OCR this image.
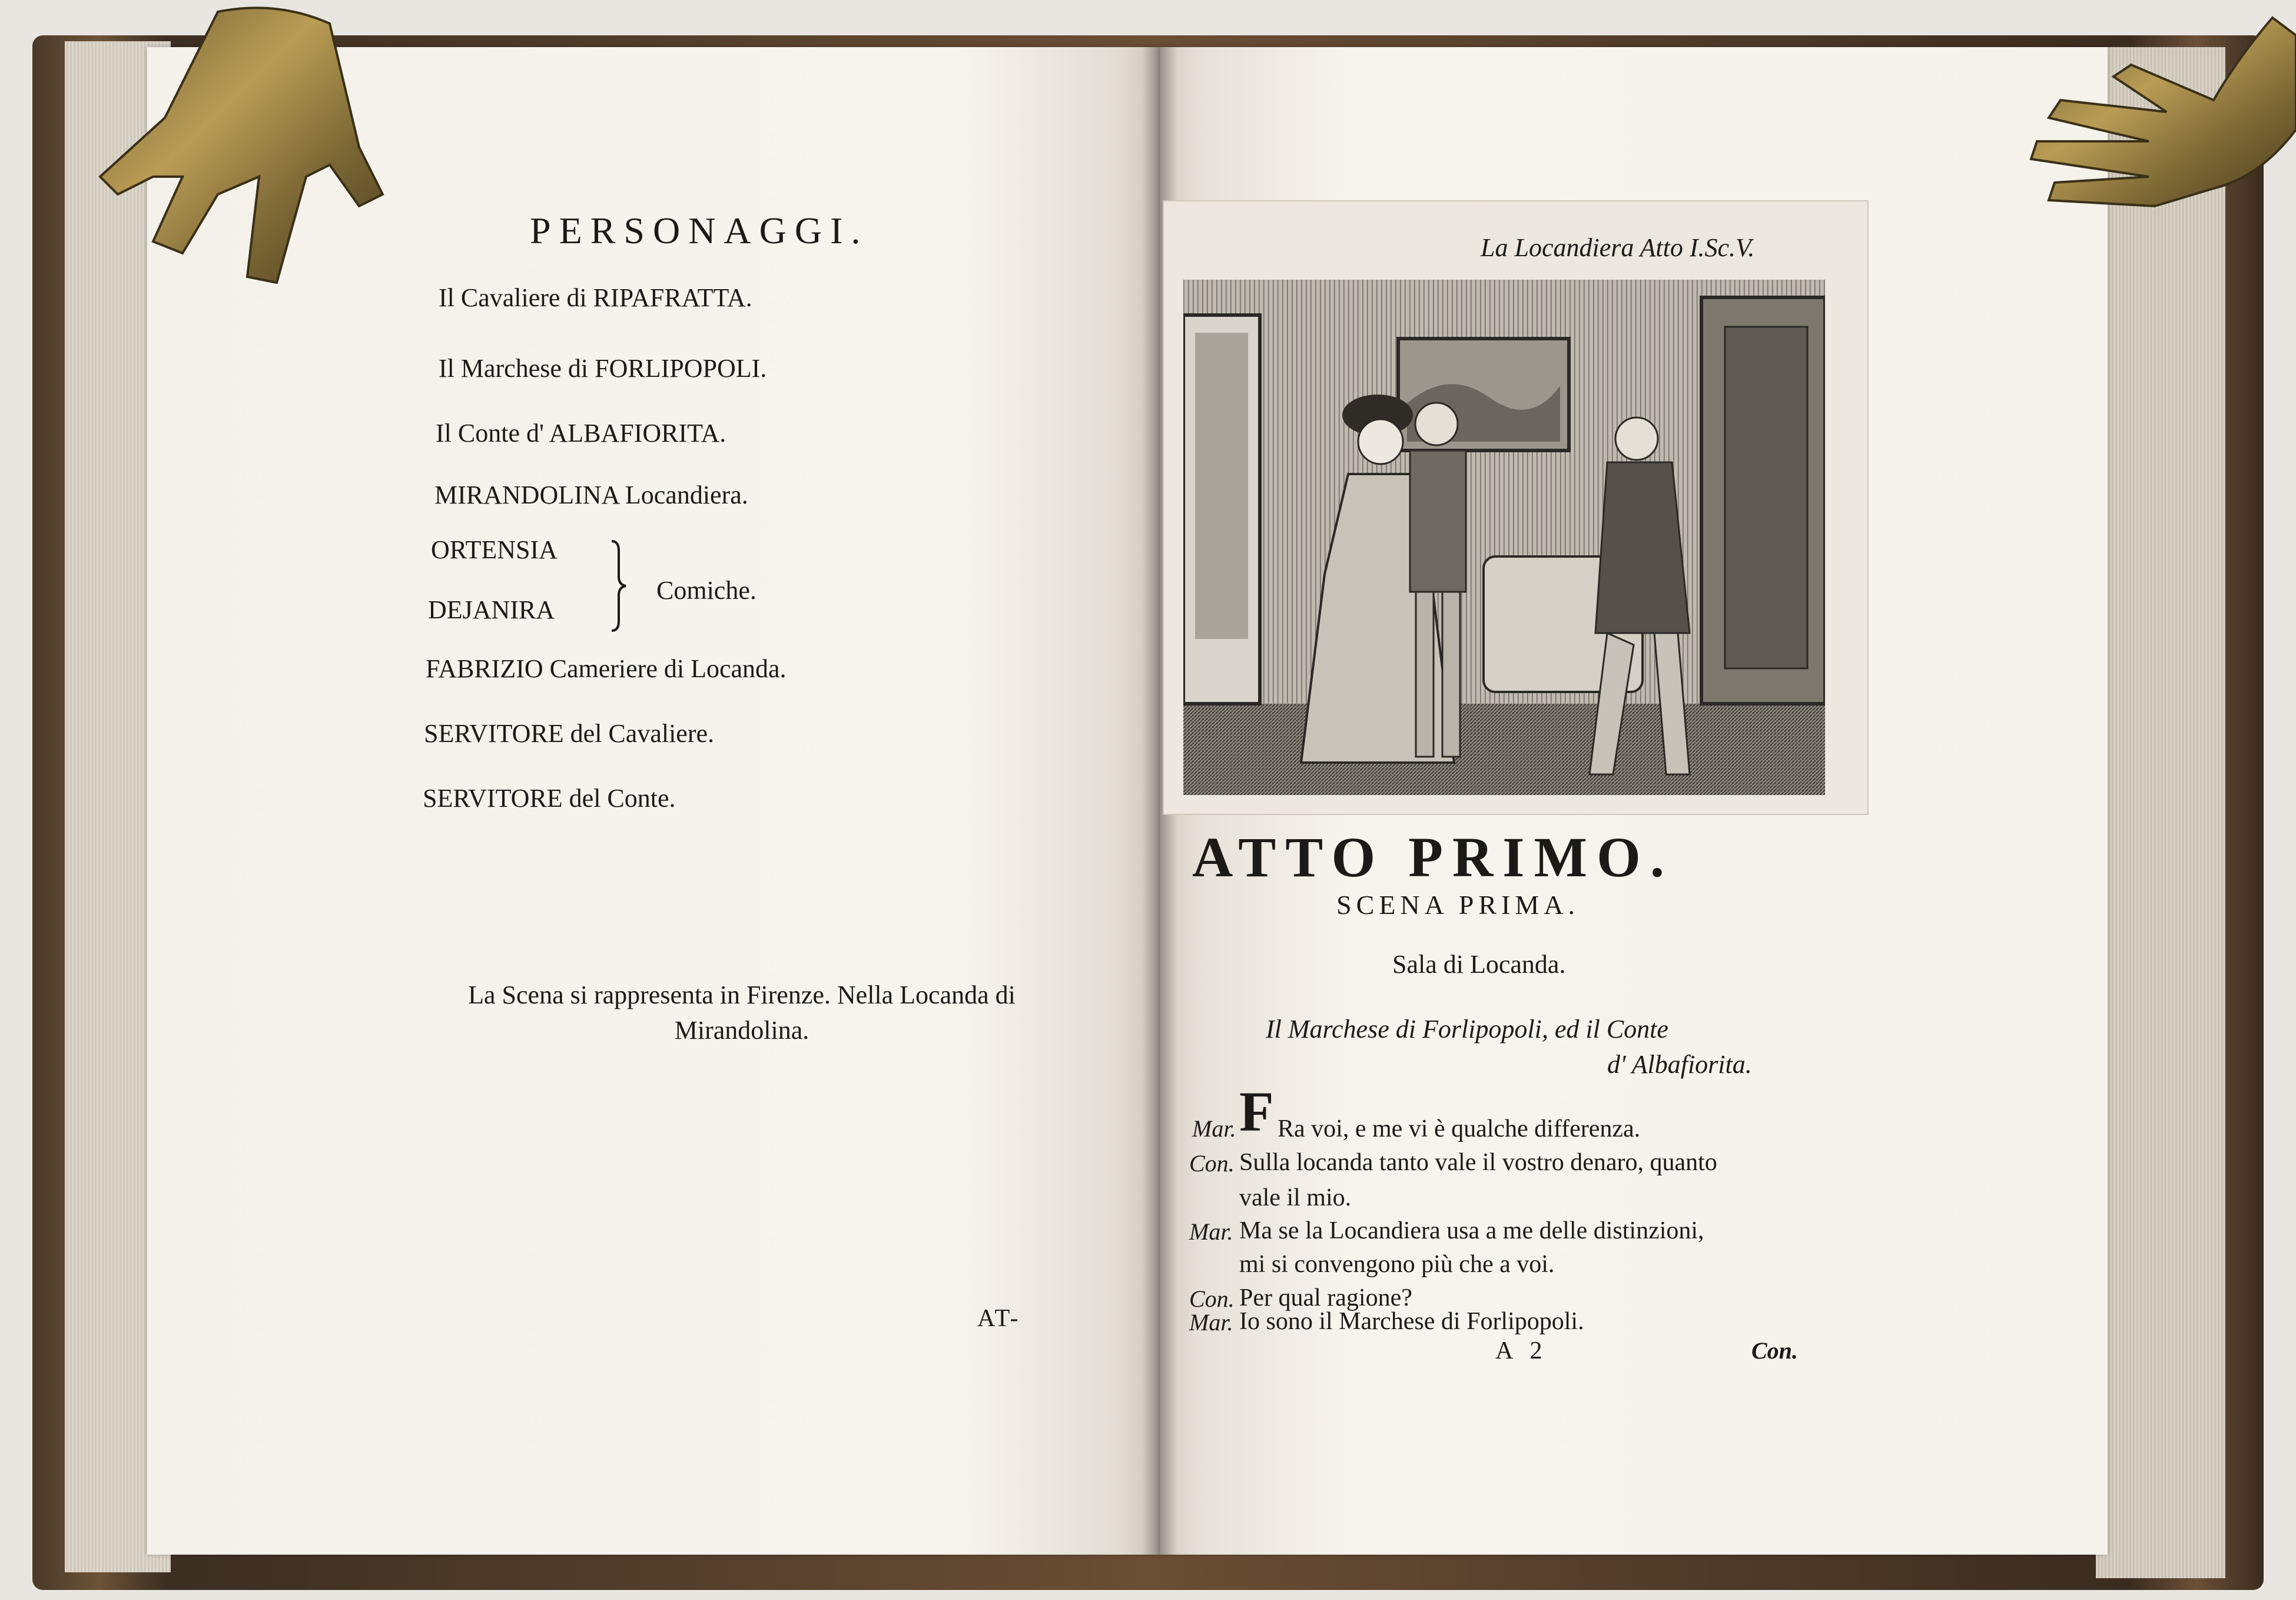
PERSONAGGI.
Il Cavaliere di RIPAFRATTA.
Il Marchese di FORLIPOPOLI.
Il Conte d' ALBAFIORITA.
MIRANDOLINA Locandiera.
ORTENSIA
DEJANIRA
Comiche.
FABRIZIO Cameriere di Locanda.
SERVITORE del Cavaliere.
SERVITORE del Conte.
La Scena si rappresenta in Firenze. Nella Locanda di Mirandolina.
AT-
La Locandiera Atto I.Sc.V.
ATTO PRIMO.
SCENA PRIMA.
Sala di Locanda.
Il Marchese di Forlipopoli, ed il Conte
d' Albafiorita.
F
Mar. Ra voi, e me vi è qualche differenza.
Con. Sulla locanda tanto vale il vostro denaro, quanto
vale il mio.
Mar. Ma se la Locandiera usa a me delle distinzioni,
mi si convengono più che a voi.
Con. Per qual ragione?
Mar. Io sono il Marchese di Forlipopoli.
A 2	Con.
